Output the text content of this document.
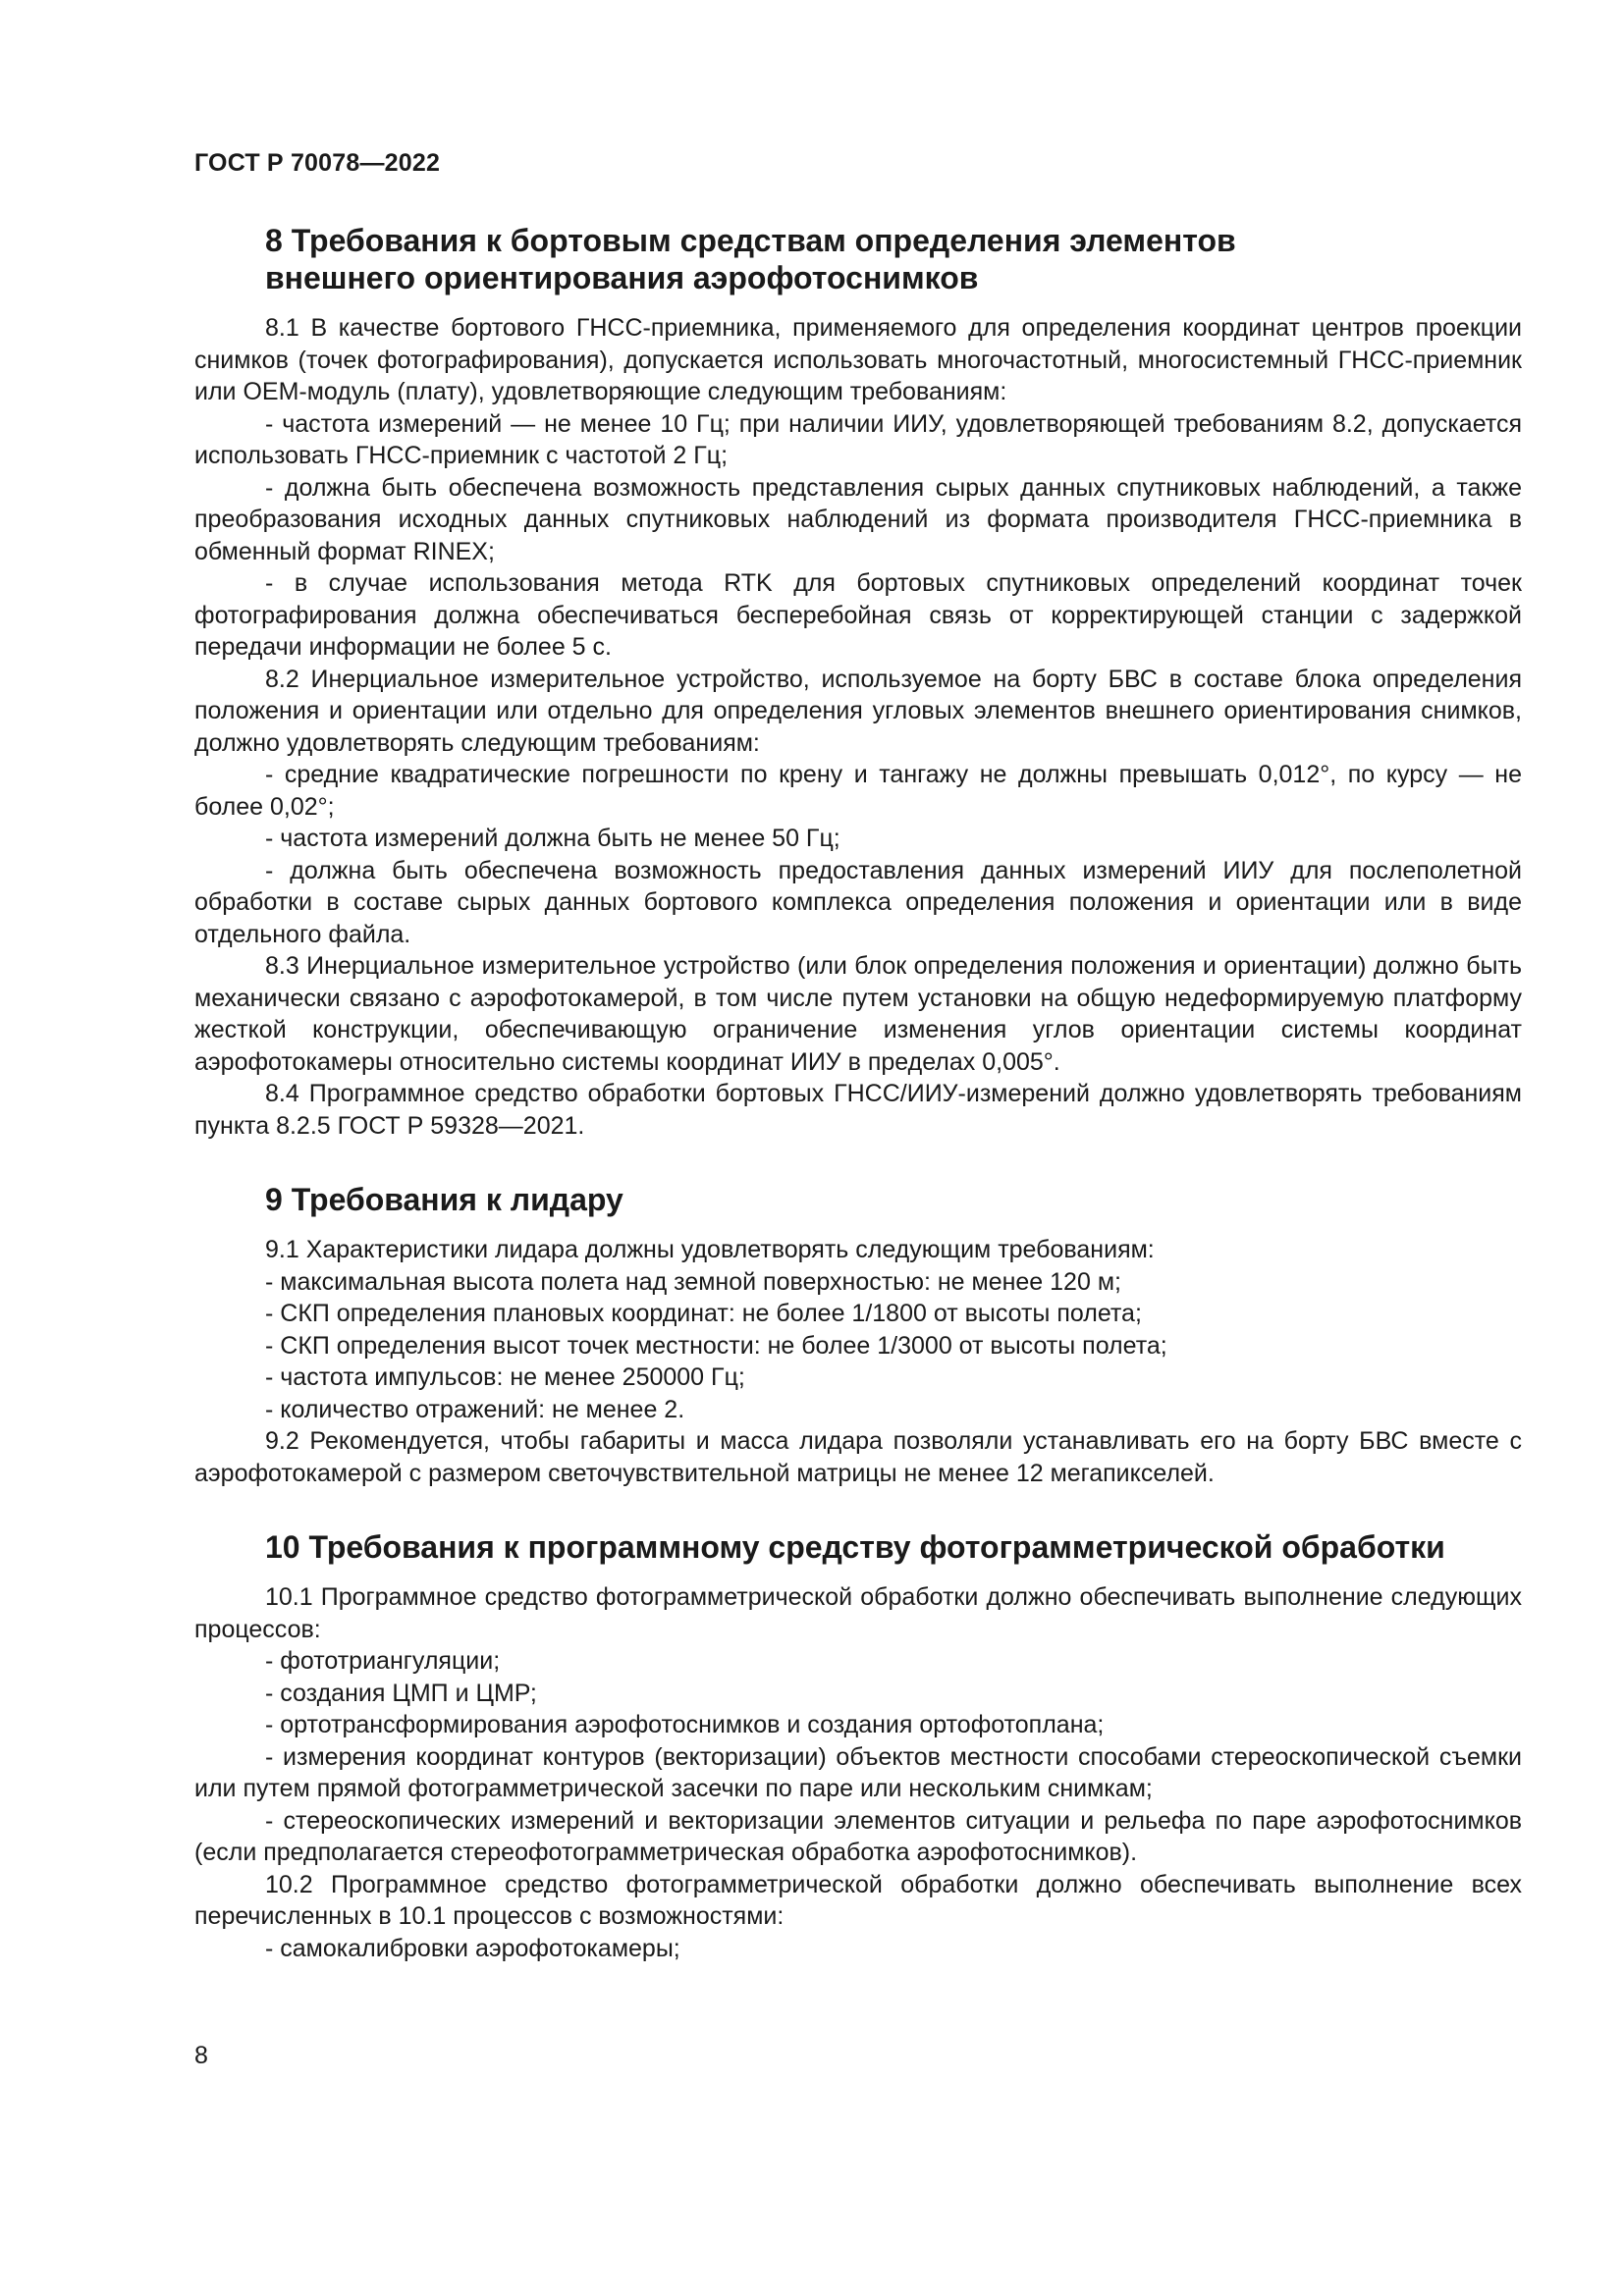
ГОСТ Р 70078—2022
8 Требования к бортовым средствам определения элементов
внешнего ориентирования аэрофотоснимков

8.1 В качестве бортового ГНСС-приемника, применяемого для определения координат центров проекции снимков (точек фотографирования), допускается использовать многочастотный, многосистемный ГНСС-приемник или OEM-модуль (плату), удовлетворяющие следующим требованиям:

- частота измерений — не менее 10 Гц; при наличии ИИУ, удовлетворяющей требованиям 8.2, допускается использовать ГНСС-приемник с частотой 2 Гц;

- должна быть обеспечена возможность представления сырых данных спутниковых наблюдений, а также преобразования исходных данных спутниковых наблюдений из формата производителя ГНСС-приемника в обменный формат RINEX;

- в случае использования метода RTK для бортовых спутниковых определений координат точек фотографирования должна обеспечиваться бесперебойная связь от корректирующей станции с задержкой передачи информации не более 5 с.

8.2 Инерциальное измерительное устройство, используемое на борту БВС в составе блока определения положения и ориентации или отдельно для определения угловых элементов внешнего ориентирования снимков, должно удовлетворять следующим требованиям:

- средние квадратические погрешности по крену и тангажу не должны превышать 0,012°, по курсу — не более 0,02°;

- частота измерений должна быть не менее 50 Гц;

- должна быть обеспечена возможность предоставления данных измерений ИИУ для послеполетной обработки в составе сырых данных бортового комплекса определения положения и ориентации или в виде отдельного файла.

8.3 Инерциальное измерительное устройство (или блок определения положения и ориентации) должно быть механически связано с аэрофотокамерой, в том числе путем установки на общую недеформируемую платформу жесткой конструкции, обеспечивающую ограничение изменения углов ориентации системы координат аэрофотокамеры относительно системы координат ИИУ в пределах 0,005°.

8.4 Программное средство обработки бортовых ГНСС/ИИУ-измерений должно удовлетворять требованиям пункта 8.2.5 ГОСТ Р 59328—2021.

9 Требования к лидару

9.1 Характеристики лидара должны удовлетворять следующим требованиям:

- максимальная высота полета над земной поверхностью: не менее 120 м;

- СКП определения плановых координат: не более 1/1800 от высоты полета;

- СКП определения высот точек местности: не более 1/3000 от высоты полета;

- частота импульсов: не менее 250000 Гц;

- количество отражений: не менее 2.

9.2 Рекомендуется, чтобы габариты и масса лидара позволяли устанавливать его на борту БВС вместе с аэрофотокамерой с размером светочувствительной матрицы не менее 12 мегапикселей.

10 Требования к программному средству фотограмметрической обработки

10.1 Программное средство фотограмметрической обработки должно обеспечивать выполнение следующих процессов:

- фототриангуляции;

- создания ЦМП и ЦМР;

- ортотрансформирования аэрофотоснимков и создания ортофотоплана;

- измерения координат контуров (векторизации) объектов местности способами стереоскопической съемки или путем прямой фотограмметрической засечки по паре или нескольким снимкам;

- стереоскопических измерений и векторизации элементов ситуации и рельефа по паре аэрофотоснимков (если предполагается стереофотограмметрическая обработка аэрофотоснимков).

10.2 Программное средство фотограмметрической обработки должно обеспечивать выполнение всех перечисленных в 10.1 процессов с возможностями:

- самокалибровки аэрофотокамеры;

8
